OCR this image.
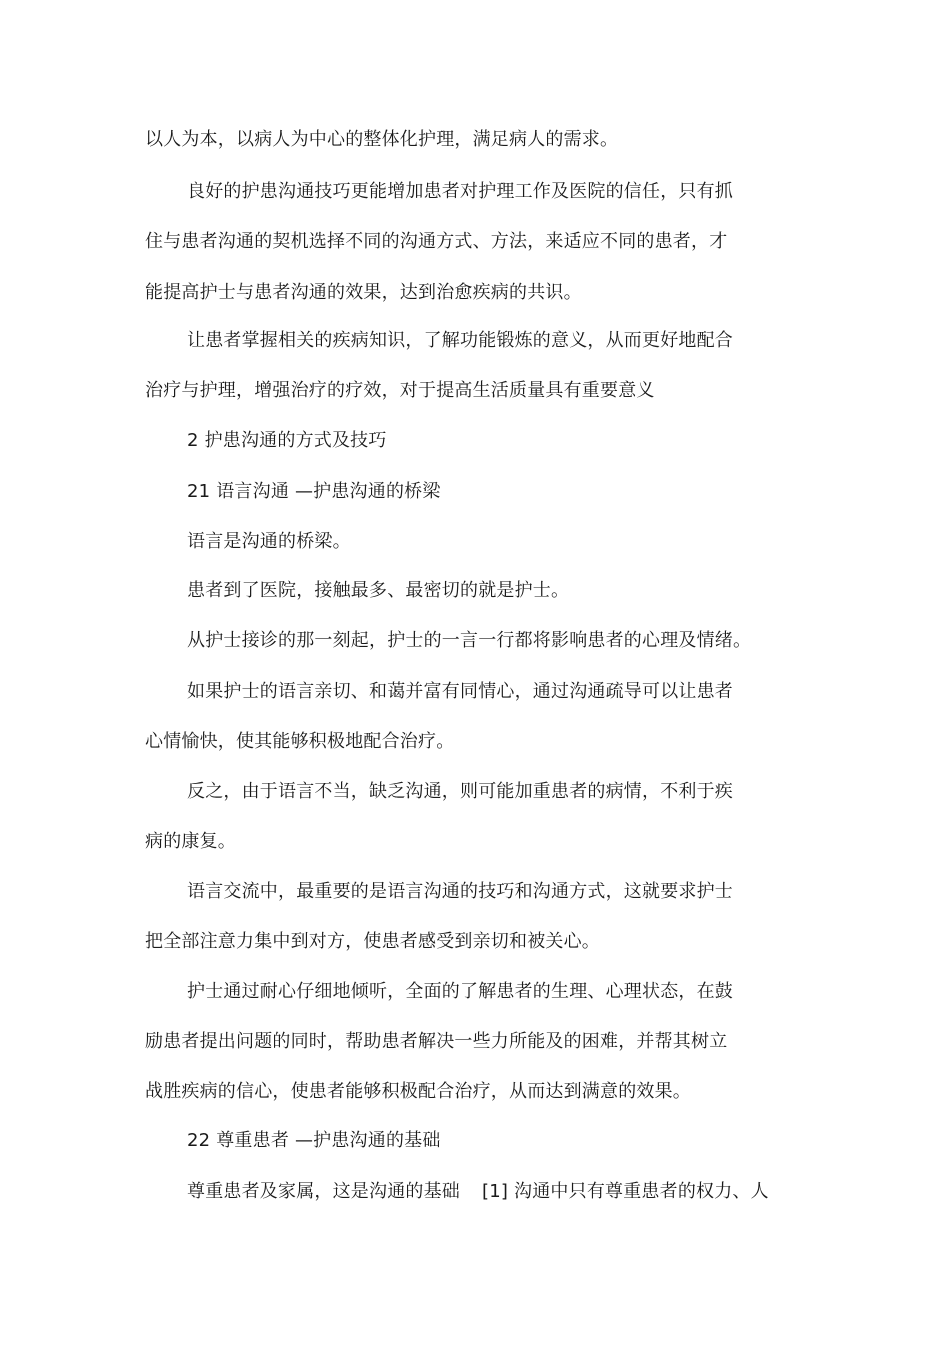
以人为本，以病人为中心的整体化护理，满足病人的需求。
良好的护患沟通技巧更能增加患者对护理工作及医院的信任，只有抓
住与患者沟通的契机选择不同的沟通方式、方法，来适应不同的患者，才
能提高护士与患者沟通的效果，达到治愈疾病的共识。
让患者掌握相关的疾病知识，了解功能锻炼的意义，从而更好地配合
治疗与护理，增强治疗的疗效，对于提高生活质量具有重要意义
2 护患沟通的方式及技巧
21 语言沟通 —护患沟通的桥梁
语言是沟通的桥梁。
患者到了医院，接触最多、最密切的就是护士。
从护士接诊的那一刻起，护士的一言一行都将影响患者的心理及情绪。
如果护士的语言亲切、和蔼并富有同情心，通过沟通疏导可以让患者
心情愉快，使其能够积极地配合治疗。
反之，由于语言不当，缺乏沟通，则可能加重患者的病情，不利于疾
病的康复。
语言交流中，最重要的是语言沟通的技巧和沟通方式，这就要求护士
把全部注意力集中到对方，使患者感受到亲切和被关心。
护士通过耐心仔细地倾听，全面的了解患者的生理、心理状态，在鼓
励患者提出问题的同时，帮助患者解决一些力所能及的困难，并帮其树立
战胜疾病的信心，使患者能够积极配合治疗，从而达到满意的效果。
22 尊重患者 —护患沟通的基础
尊重患者及家属，这是沟通的基础 [1] 沟通中只有尊重患者的权力、人
